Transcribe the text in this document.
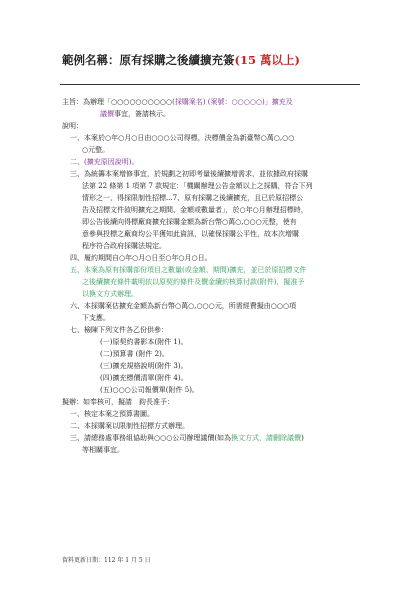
範例名稱：原有採購之後續擴充簽(15 萬以上)
主旨：為辦理「○○○○○○○○○○(採購案名) (案號：○○○○○)」擴充及
議價事宜，簽請核示。
說明：
一、本案於○年○月○日由○○○公司得標，決標價金為新臺幣○萬○,○○
○元整。
二、(擴充原因說明)。
三、為統籌本案增修事宜，於規劃之初即考量後續擴增需求，並依據政府採購
法第 22 條第 1 項第 7 款規定：「機關辦理公告金額以上之採購，符合下列
情形之一，得採限制性招標...7、原有採購之後續擴充，且已於原招標公
告及招標文件敘明擴充之期間、金額或數量者」，於○年○月辦理招標時，
即公告後續向得標廠商擴充採購金額為新台幣○萬○,○○○元整，使有
意參與投標之廠商均公平獲知此資訊，以確保採購公平性，故本次增購
程序符合政府採購法規定。
四、履約期間自○年○月○日至○年○月○日。
五、本案為原有採購部份項目之數量(或金額、期間)擴充，並已於原招標文件
之後續擴充條件載明依以原契約條件及價金續約核算付款(附件)，擬准予
以換文方式辦理。
六、本採購案估擴充金額為新台幣○萬○,○○○元，所需經費擬由○○○項
下支應。
七、檢陳下列文件各乙份供參：
(一)原契約書影本(附件 1)。
(二)預算書 (附件 2)。
(三)擴充規格說明(附件 3)。
(四)擴充標價清單(附件 4)。
(五)○○○公司報價單(附件 5)。
擬辦：如奉核可，擬請　鈞長准予：
一、核定本案之預算書圖。
二、本採購案以限制性招標方式辦理。
三、請總務處事務組協助與○○○公司辦理議價(如為換文方式，請刪除議價)
等相關事宜。
資料更新日期：112 年 1 月 5 日
